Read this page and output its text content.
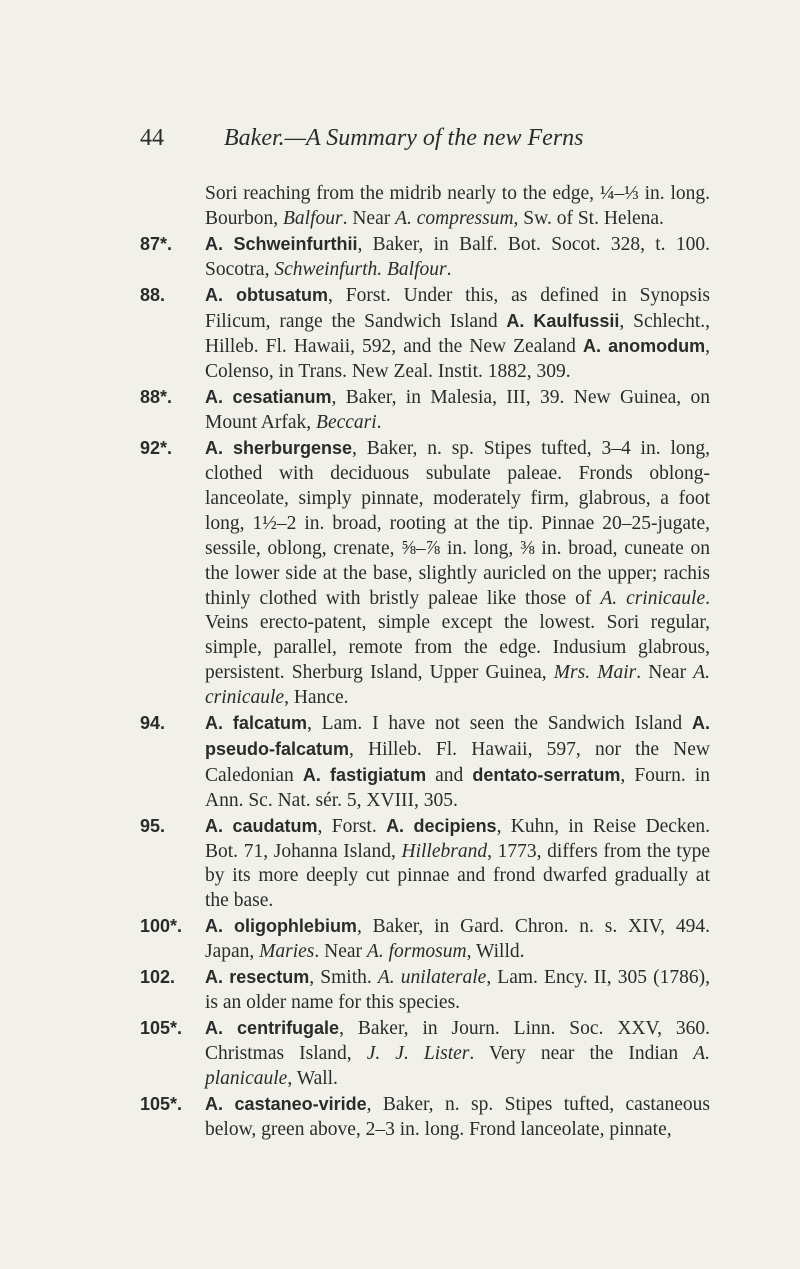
44	Baker.—A Summary of the new Ferns
Sori reaching from the midrib nearly to the edge, ¼–⅓ in. long. Bourbon, Balfour. Near A. compressum, Sw. of St. Helena.
87*. A. Schweinfurthii, Baker, in Balf. Bot. Socot. 328, t. 100. Socotra, Schweinfurth. Balfour.
88. A. obtusatum, Forst. Under this, as defined in Synopsis Filicum, range the Sandwich Island A. Kaulfussii, Schlecht., Hilleb. Fl. Hawaii, 592, and the New Zealand A. anomodum, Colenso, in Trans. New Zeal. Instit. 1882, 309.
88*. A. cesatianum, Baker, in Malesia, III, 39. New Guinea, on Mount Arfak, Beccari.
92*. A. sherburgense, Baker, n. sp. Stipes tufted, 3–4 in. long, clothed with deciduous subulate paleae. Fronds oblong-lanceolate, simply pinnate, moderately firm, glabrous, a foot long, 1½–2 in. broad, rooting at the tip. Pinnae 20–25-jugate, sessile, oblong, crenate, ⅝–⅞ in. long, ⅜ in. broad, cuneate on the lower side at the base, slightly auricled on the upper; rachis thinly clothed with bristly paleae like those of A. crinicaule. Veins erecto-patent, simple except the lowest. Sori regular, simple, parallel, remote from the edge. Indusium glabrous, persistent. Sherburg Island, Upper Guinea, Mrs. Mair. Near A. crinicaule, Hance.
94. A. falcatum, Lam. I have not seen the Sandwich Island A. pseudo-falcatum, Hilleb. Fl. Hawaii, 597, nor the New Caledonian A. fastigiatum and dentato-serratum, Fourn. in Ann. Sc. Nat. sér. 5, XVIII, 305.
95. A. caudatum, Forst. A. decipiens, Kuhn, in Reise Decken. Bot. 71, Johanna Island, Hillebrand, 1773, differs from the type by its more deeply cut pinnae and frond dwarfed gradually at the base.
100*. A. oligophlebium, Baker, in Gard. Chron. n. s. XIV, 494. Japan, Maries. Near A. formosum, Willd.
102. A. resectum, Smith. A. unilaterale, Lam. Ency. II, 305 (1786), is an older name for this species.
105*. A. centrifugale, Baker, in Journ. Linn. Soc. XXV, 360. Christmas Island, J. J. Lister. Very near the Indian A. planicaule, Wall.
105*. A. castaneo-viride, Baker, n. sp. Stipes tufted, castaneous below, green above, 2–3 in. long. Frond lanceolate, pinnate,
